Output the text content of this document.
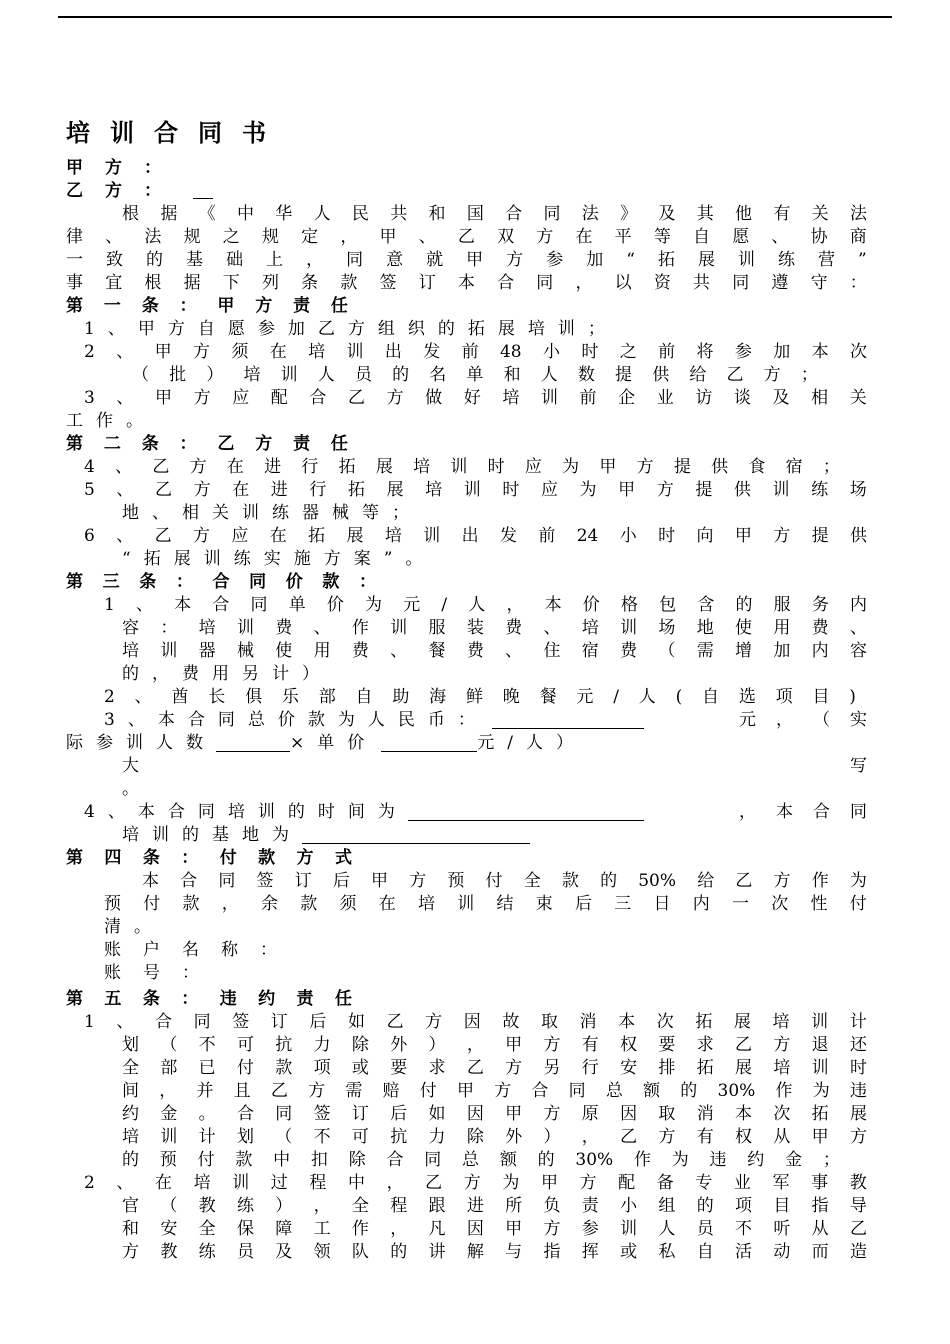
培训合同书
甲方：
乙方：
根 据 《 中 华 人 民 共 和 国 合 同 法 》 及 其 他 有 关 法
律 、 法 规 之 规 定 ， 甲 、 乙 双 方 在 平 等 自 愿 、 协 商
一 致 的 基 础 上 ， 同 意 就 甲 方 参 加 “ 拓 展 训 练 营 ”
事 宜 根 据 下 列 条 款 签 订 本 合 同 ， 以 资 共 同 遵 守 ：
第 一 条 ： 甲 方 责 任
1、甲方自愿参加乙方组织的拓展培训；
2 、 甲 方 须 在 培 训 出 发 前 48 小 时 之 前 将 参 加 本 次
（ 批 ） 培 训 人 员 的 名 单 和 人 数 提 供 给 乙 方 ；
3 、 甲 方 应 配 合 乙 方 做 好 培 训 前 企 业 访 谈 及 相 关
工作。
第 二 条 ： 乙 方 责 任
4 、 乙 方 在 进 行 拓 展 培 训 时 应 为 甲 方 提 供 食 宿 ；
5 、 乙 方 在 进 行 拓 展 培 训 时 应 为 甲 方 提 供 训 练 场
地、相关训练器械等；
6 、 乙 方 应 在 拓 展 培 训 出 发 前 24 小 时 向 甲 方 提 供
“拓展训练实施方案”。
第 三 条 ： 合 同 价 款 ：
1 、 本 合 同 单 价 为 元 / 人 ， 本 价 格 包 含 的 服 务 内
容 ： 培 训 费 、 作 训 服 装 费 、 培 训 场 地 使 用 费 、
培 训 器 械 使 用 费 、 餐 费 、 住 宿 费 （ 需 增 加 内 容
的，费用另计）
2 、 酋 长 俱 乐 部 自 助 海 鲜 晚 餐 元 / 人 ( 自 选 项 目 )
3、本合同总价款为人民币：	元 ， （ 实
际参训人数	×单价	元/人）
大	写
。
4、本合同培训的时间为	， 本 合 同
培训的基地为
第 四 条 ： 付 款 方 式
本 合 同 签 订 后 甲 方 预 付 全 款 的 50% 给 乙 方 作 为
预 付 款 ， 余 款 须 在 培 训 结 束 后 三 日 内 一 次 性 付
清。
账户名称：
账号：
第 五 条 ： 违 约 责 任
1 、 合 同 签 订 后 如 乙 方 因 故 取 消 本 次 拓 展 培 训 计
划 （ 不 可 抗 力 除 外 ） ， 甲 方 有 权 要 求 乙 方 退 还
全 部 已 付 款 项 或 要 求 乙 方 另 行 安 排 拓 展 培 训 时
间 ， 并 且 乙 方 需 赔 付 甲 方 合 同 总 额 的 30% 作 为 违
约 金 。 合 同 签 订 后 如 因 甲 方 原 因 取 消 本 次 拓 展
培 训 计 划 （ 不 可 抗 力 除 外 ） ， 乙 方 有 权 从 甲 方
的 预 付 款 中 扣 除 合 同 总 额 的 30% 作 为 违 约 金 ；
2 、 在 培 训 过 程 中 ， 乙 方 为 甲 方 配 备 专 业 军 事 教
官 （ 教 练 ） ， 全 程 跟 进 所 负 责 小 组 的 项 目 指 导
和 安 全 保 障 工 作 ， 凡 因 甲 方 参 训 人 员 不 听 从 乙
方 教 练 员 及 领 队 的 讲 解 与 指 挥 或 私 自 活 动 而 造
